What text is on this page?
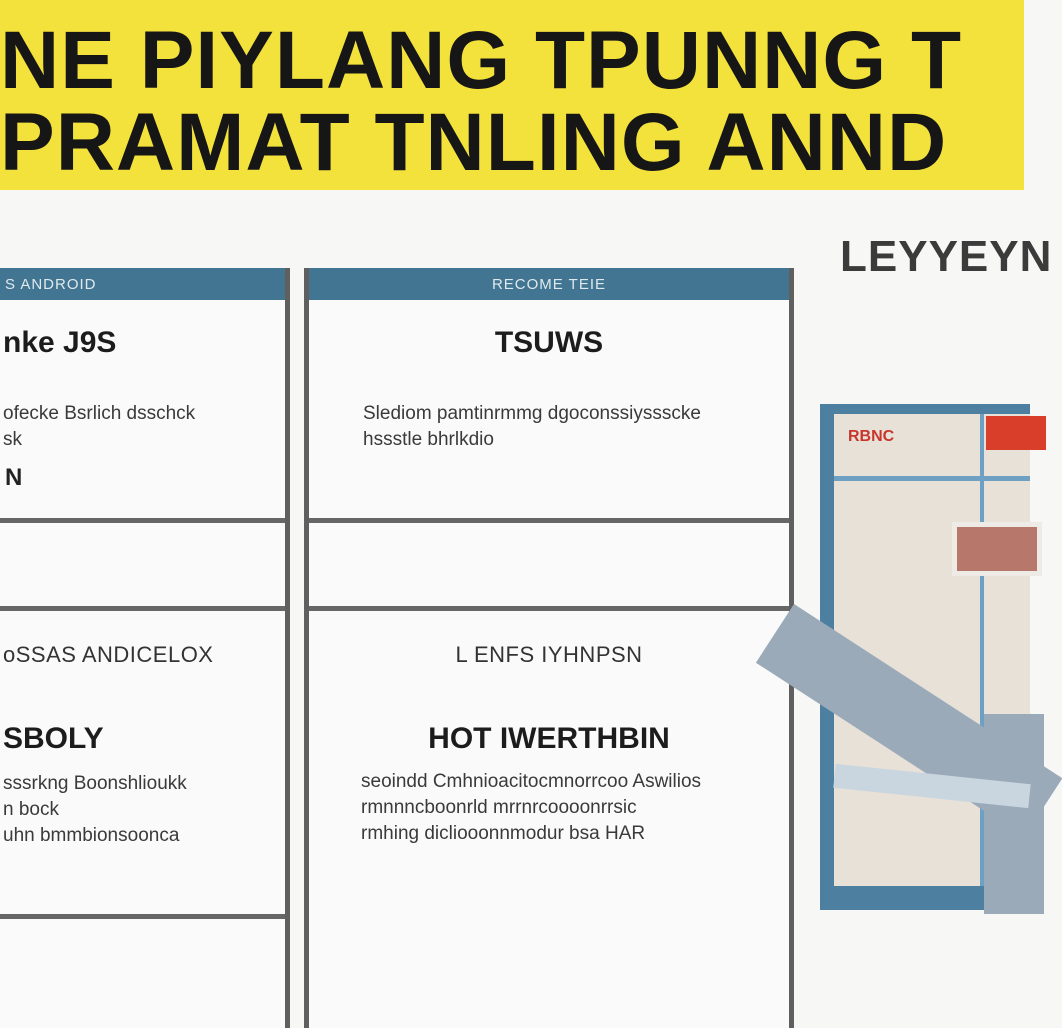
NE PIYLANG TPUNNG T
PRAMAT TNLING ANND
S ANDROID
nke J9S
ofecke Bsrlich dsschck
sk
N
oSSAS ANDICELOX
SBOLY
sssrkng Boonshlioukk
n bock
uhn bmmbionsoonca
RECOME TEIE
TSUWS
Slediom pamtinrmmg dgoconssiyssscke
hssstle bhrlkdio
L ENFS IYHNPSN
HOT IWERTHBIN
seoindd Cmhnioacitocmnorrcoo Aswilios
rmnnncboonrld mrrnrcoooonrrsic
rmhing dicliooonnmodur bsa HAR
LEYYEYN
RBNC
